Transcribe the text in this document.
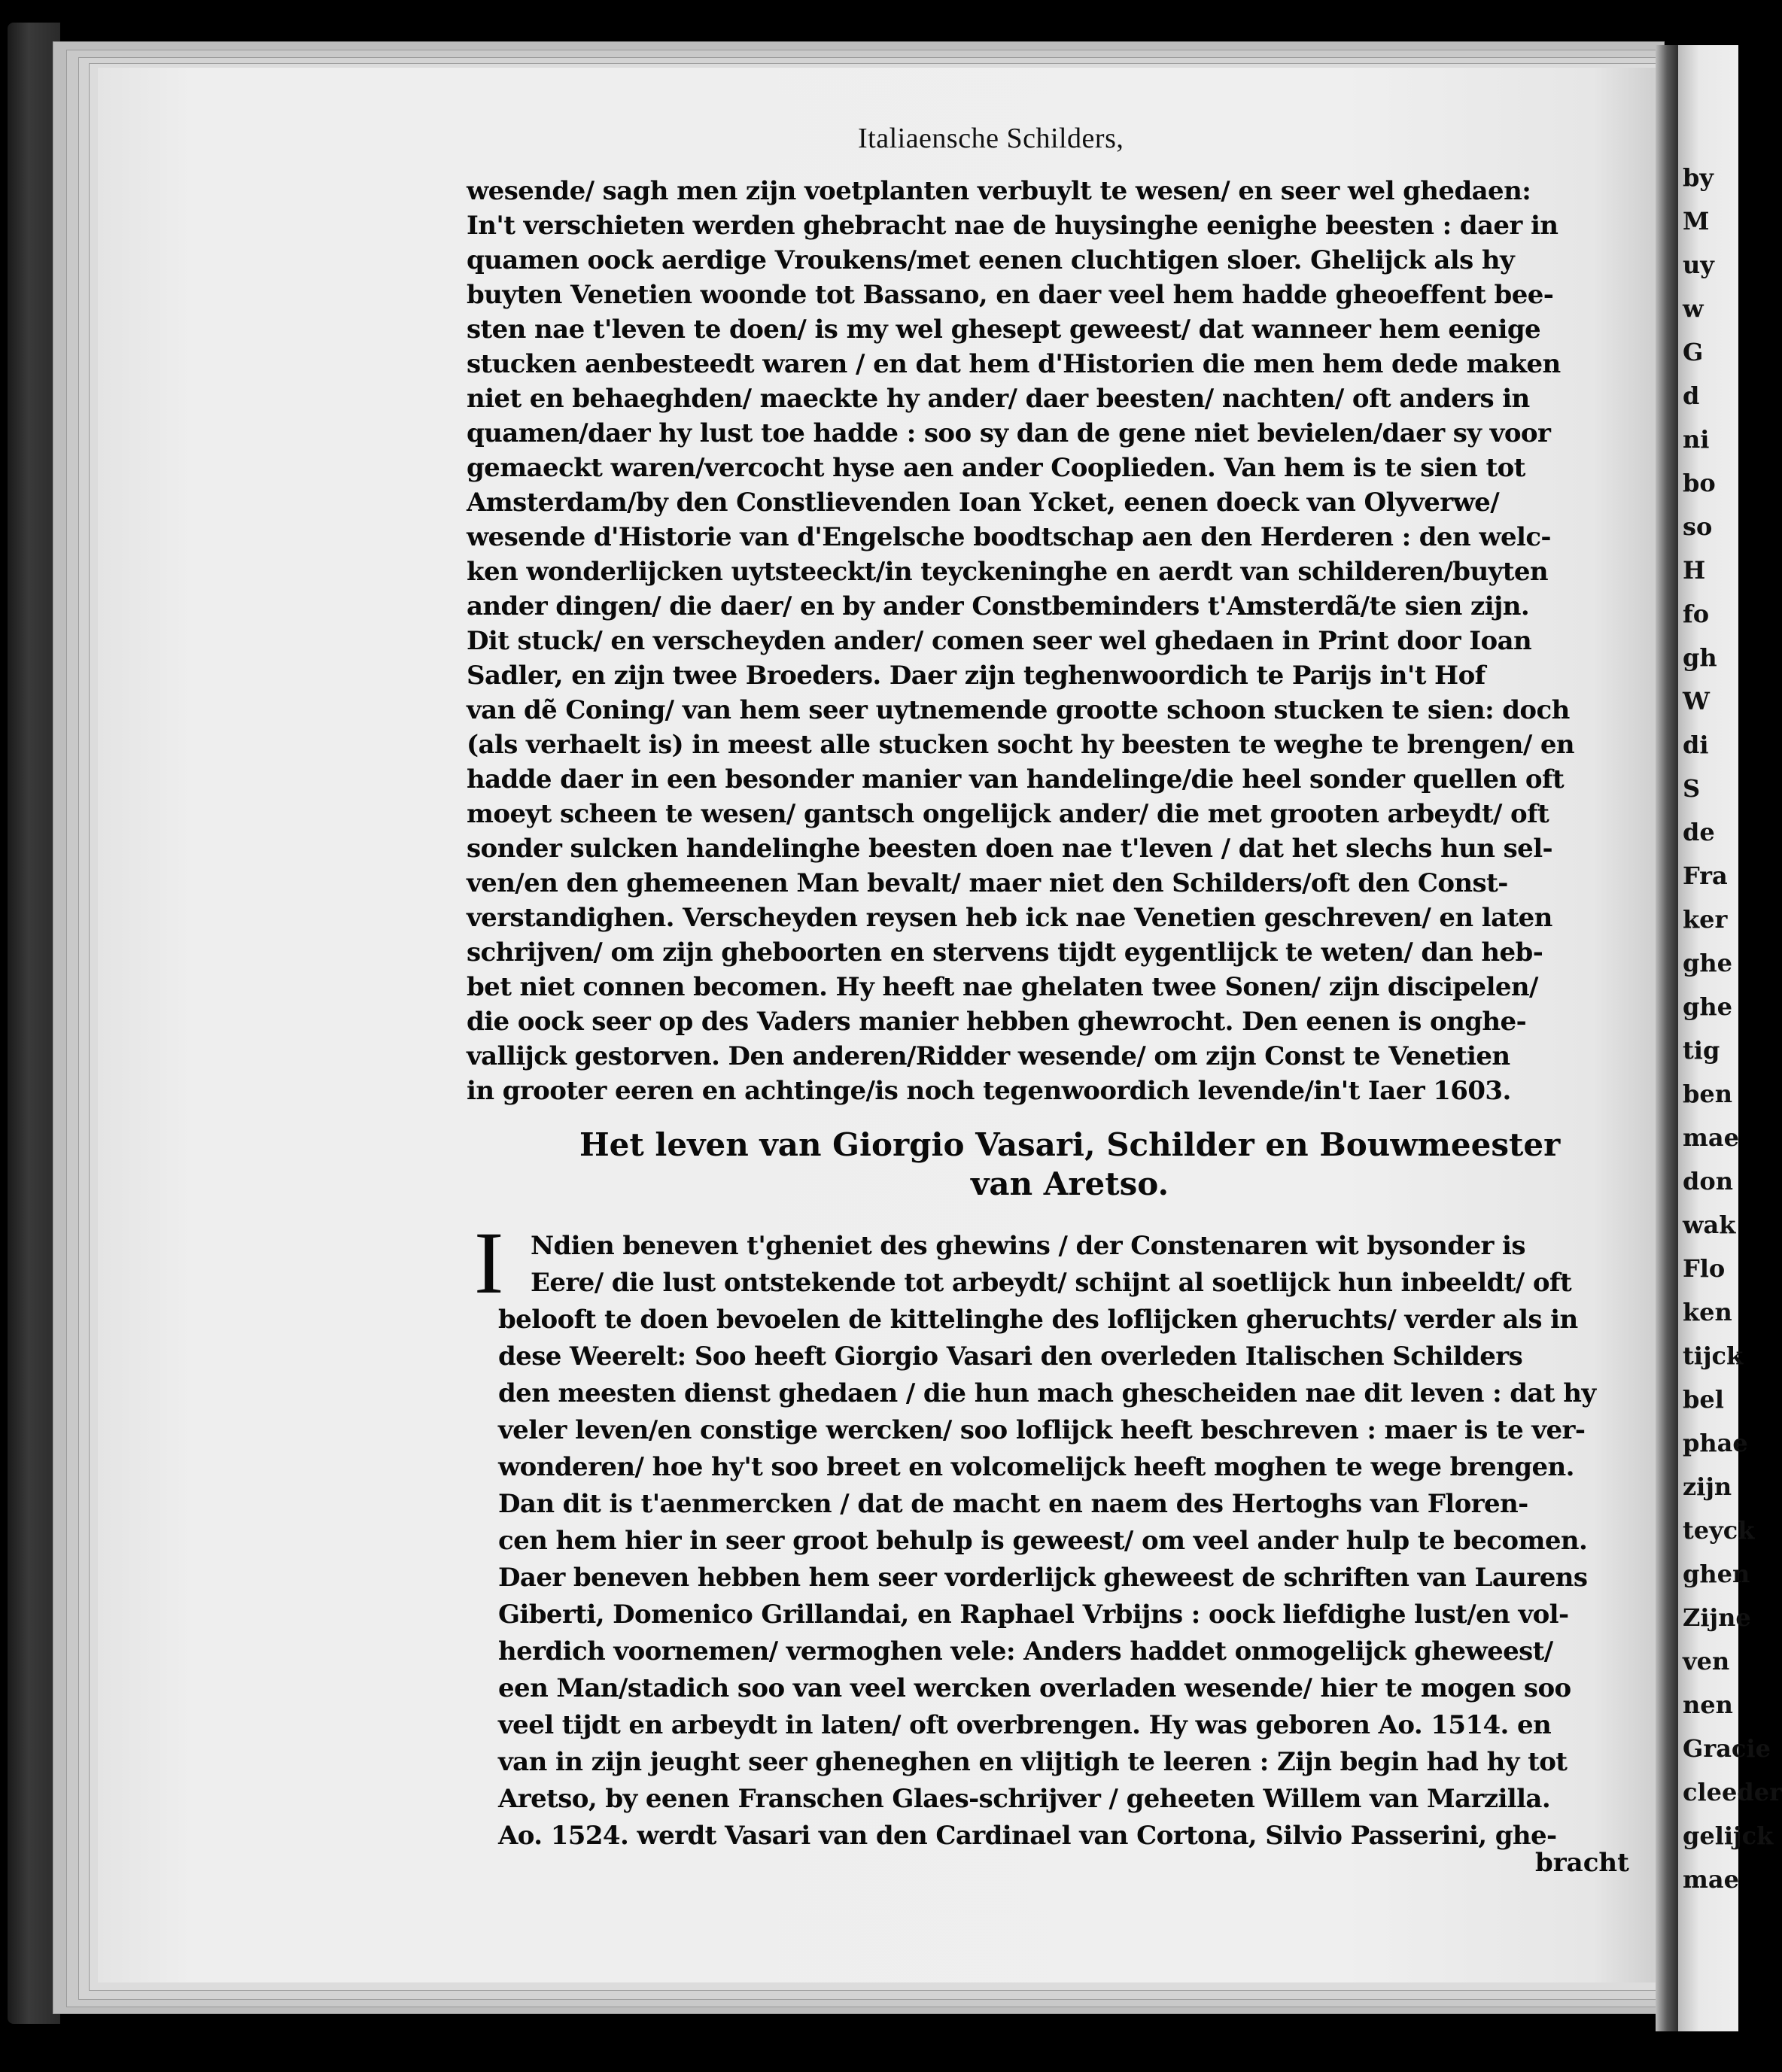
by
M
uy
w
G
d
ni
bo
so
H
fo
gh
W
di
S
de
Fra
ker
ghe
ghe
tig
ben
mae
don
wak
Flo
ken
tijck
bel
phae
zijn
teyck
ghen
Zijne
ven
nen
Gracie
cleeder
gelijck
mae
Italiaensche Schilders,
wesende/ sagh men zijn voetplanten verbuylt te wesen/ en seer wel ghedaen:
In't verschieten werden ghebracht nae de huysinghe eenighe beesten : daer in
quamen oock aerdige Vroukens/met eenen cluchtigen sloer. Ghelijck als hy
buyten Venetien woonde tot Bassano, en daer veel hem hadde gheoeffent bee-
sten nae t'leven te doen/ is my wel ghesept geweest/ dat wanneer hem eenige
stucken aenbesteedt waren / en dat hem d'Historien die men hem dede maken
niet en behaeghden/ maeckte hy ander/ daer beesten/ nachten/ oft anders in
quamen/daer hy lust toe hadde : soo sy dan de gene niet bevielen/daer sy voor
gemaeckt waren/vercocht hyse aen ander Cooplieden. Van hem is te sien tot
Amsterdam/by den Constlievenden Ioan Ycket, eenen doeck van Olyverwe/
wesende d'Historie van d'Engelsche boodtschap aen den Herderen : den welc-
ken wonderlijcken uytsteeckt/in teyckeninghe en aerdt van schilderen/buyten
ander dingen/ die daer/ en by ander Constbeminders t'Amsterdã/te sien zijn.
Dit stuck/ en verscheyden ander/ comen seer wel ghedaen in Print door Ioan
Sadler, en zijn twee Broeders. Daer zijn teghenwoordich te Parijs in't Hof
van dẽ Coning/ van hem seer uytnemende grootte schoon stucken te sien: doch
(als verhaelt is) in meest alle stucken socht hy beesten te weghe te brengen/ en
hadde daer in een besonder manier van handelinge/die heel sonder quellen oft
moeyt scheen te wesen/ gantsch ongelijck ander/ die met grooten arbeydt/ oft
sonder sulcken handelinghe beesten doen nae t'leven / dat het slechs hun sel-
ven/en den ghemeenen Man bevalt/ maer niet den Schilders/oft den Const-
verstandighen. Verscheyden reysen heb ick nae Venetien geschreven/ en laten
schrijven/ om zijn gheboorten en stervens tijdt eygentlijck te weten/ dan heb-
bet niet connen becomen. Hy heeft nae ghelaten twee Sonen/ zijn discipelen/
die oock seer op des Vaders manier hebben ghewrocht. Den eenen is onghe-
vallijck gestorven. Den anderen/Ridder wesende/ om zijn Const te Venetien
in grooter eeren en achtinge/is noch tegenwoordich levende/in't Iaer 1603.
Het leven van Giorgio Vasari, Schilder en Bouwmeester
van Aretso.
I Ndien beneven t'gheniet des ghewins / der Constenaren wit bysonder is
Eere/ die lust ontstekende tot arbeydt/ schijnt al soetlijck hun inbeeldt/ oft
belooft te doen bevoelen de kittelinghe des loflijcken gheruchts/ verder als in
dese Weerelt: Soo heeft Giorgio Vasari den overleden Italischen Schilders
den meesten dienst ghedaen / die hun mach ghescheiden nae dit leven : dat hy
veler leven/en constige wercken/ soo loflijck heeft beschreven : maer is te ver-
wonderen/ hoe hy't soo breet en volcomelijck heeft moghen te wege brengen.
Dan dit is t'aenmercken / dat de macht en naem des Hertoghs van Floren-
cen hem hier in seer groot behulp is geweest/ om veel ander hulp te becomen.
Daer beneven hebben hem seer vorderlijck gheweest de schriften van Laurens
Giberti, Domenico Grillandai, en Raphael Vrbijns : oock liefdighe lust/en vol-
herdich voornemen/ vermoghen vele: Anders haddet onmogelijck gheweest/
een Man/stadich soo van veel wercken overladen wesende/ hier te mogen soo
veel tijdt en arbeydt in laten/ oft overbrengen. Hy was geboren Ao. 1514. en
van in zijn jeught seer gheneghen en vlijtigh te leeren : Zijn begin had hy tot
Aretso, by eenen Franschen Glaes-schrijver / geheeten Willem van Marzilla.
Ao. 1524. werdt Vasari van den Cardinael van Cortona, Silvio Passerini, ghe-
bracht
